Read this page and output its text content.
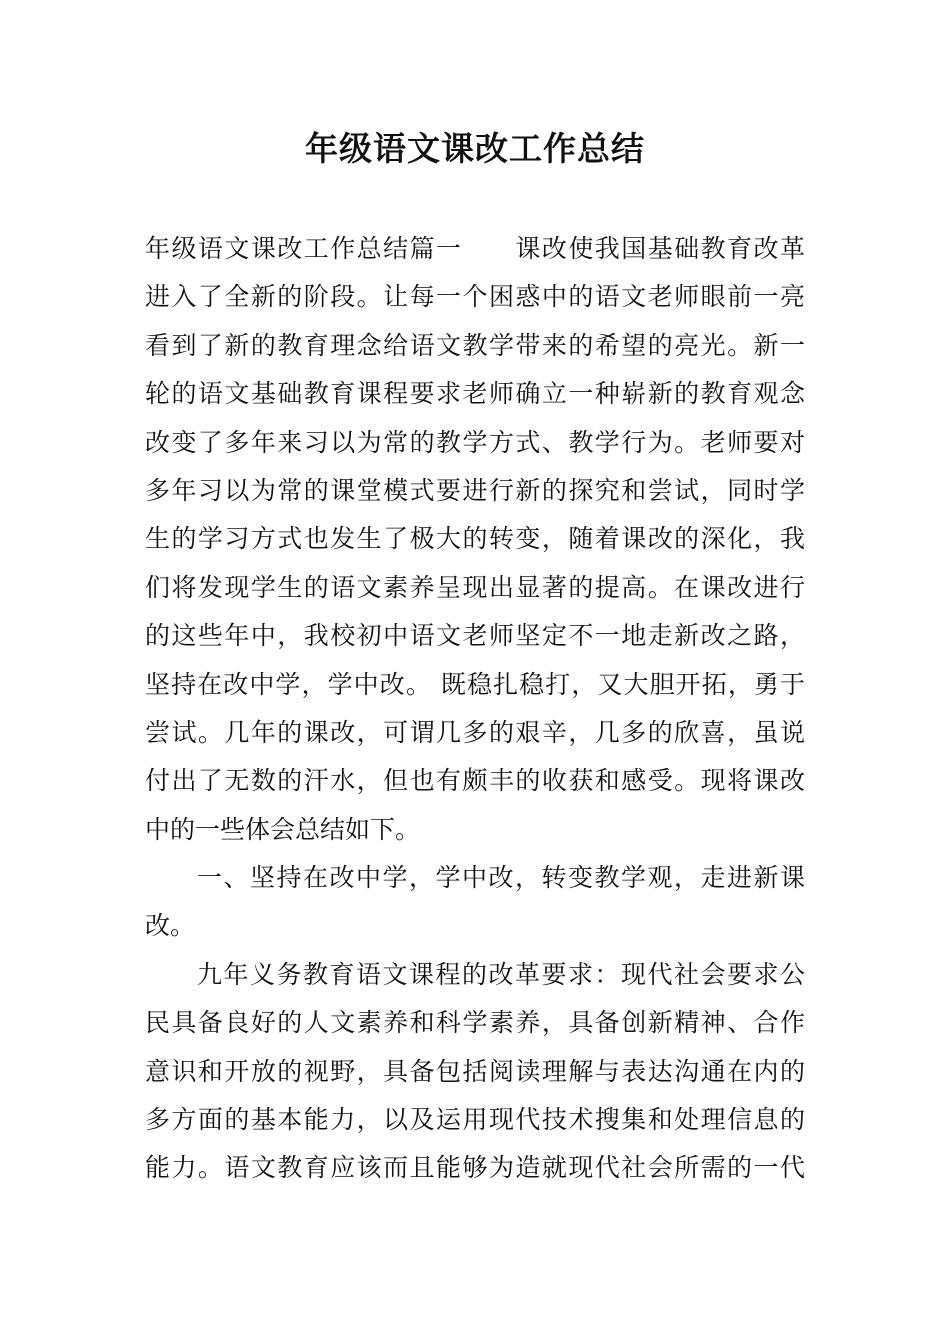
年级语文课改工作总结
年级语文课改工作总结篇一　　课改使我国基础教育改革
进入了全新的阶段。让每一个困惑中的语文老师眼前一亮
看到了新的教育理念给语文教学带来的希望的亮光。新一
轮的语文基础教育课程要求老师确立一种崭新的教育观念
改变了多年来习以为常的教学方式、教学行为。老师要对
多年习以为常的课堂模式要进行新的探究和尝试，同时学
生的学习方式也发生了极大的转变，随着课改的深化，我
们将发现学生的语文素养呈现出显著的提高。在课改进行
的这些年中，我校初中语文老师坚定不一地走新改之路，
坚持在改中学，学中改。 既稳扎稳打，又大胆开拓，勇于
尝试。几年的课改，可谓几多的艰辛，几多的欣喜，虽说
付出了无数的汗水，但也有颇丰的收获和感受。现将课改
中的一些体会总结如下。
一、坚持在改中学，学中改，转变教学观，走进新课
改。
九年义务教育语文课程的改革要求：现代社会要求公
民具备良好的人文素养和科学素养，具备创新精神、合作
意识和开放的视野，具备包括阅读理解与表达沟通在内的
多方面的基本能力，以及运用现代技术搜集和处理信息的
能力。语文教育应该而且能够为造就现代社会所需的一代
